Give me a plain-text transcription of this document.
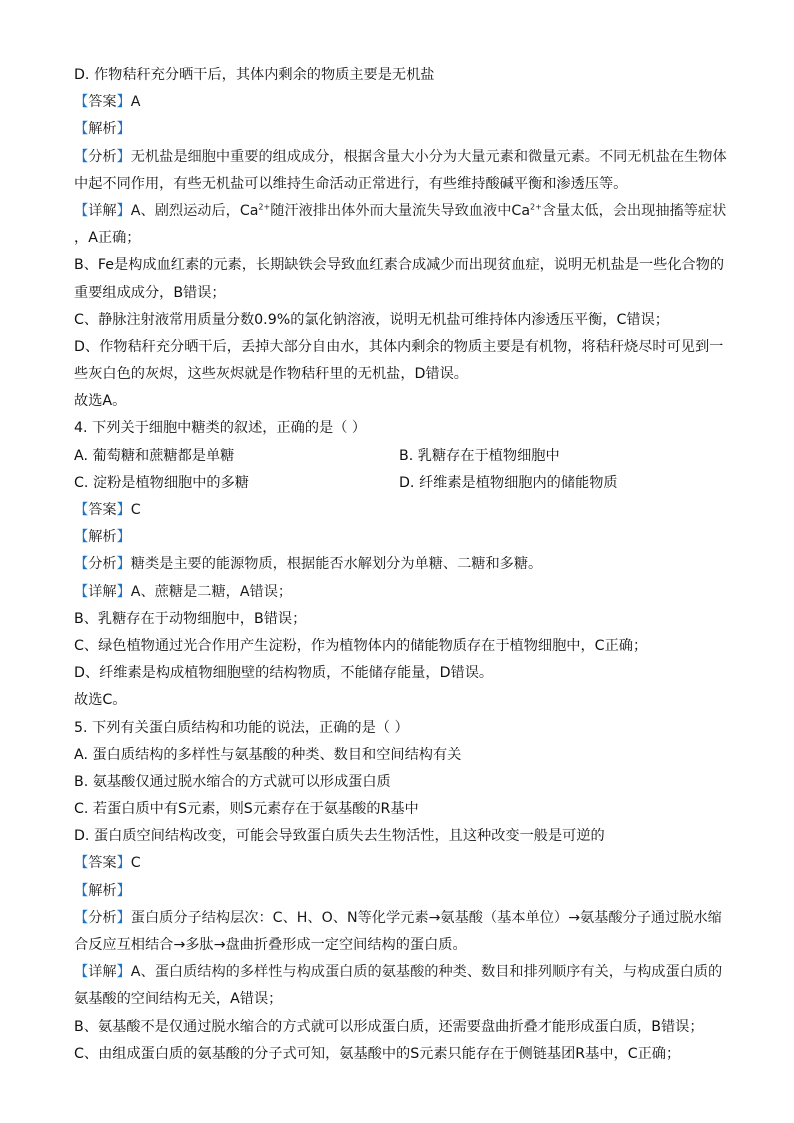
D. 作物秸秆充分晒干后，其体内剩余的物质主要是无机盐
【答案】A
【解析】
【分析】无机盐是细胞中重要的组成成分，根据含量大小分为大量元素和微量元素。不同无机盐在生物体
中起不同作用，有些无机盐可以维持生命活动正常进行，有些维持酸碱平衡和渗透压等。
【详解】A、剧烈运动后，$Ca^{2+}$随汗液排出体外而大量流失导致血液中$Ca^{2+}$含量太低，会出现抽搐等症状
，A正确；
B、Fe是构成血红素的元素，长期缺铁会导致血红素合成减少而出现贫血症，说明无机盐是一些化合物的
重要组成成分，B错误；
C、静脉注射液常用质量分数0.9%的氯化钠溶液，说明无机盐可维持体内渗透压平衡，C错误；
D、作物秸秆充分晒干后，丢掉大部分自由水，其体内剩余的物质主要是有机物，将秸秆烧尽时可见到一
些灰白色的灰烬，这些灰烬就是作物秸秆里的无机盐，D错误。
故选A。
4. 下列关于细胞中糖类的叙述，正确的是（ ）
A. 葡萄糖和蔗糖都是单糖	B. 乳糖存在于植物细胞中
C. 淀粉是植物细胞中的多糖	D. 纤维素是植物细胞内的储能物质
【答案】C
【解析】
【分析】糖类是主要的能源物质，根据能否水解划分为单糖、二糖和多糖。
【详解】A、蔗糖是二糖，A错误；
B、乳糖存在于动物细胞中，B错误；
C、绿色植物通过光合作用产生淀粉，作为植物体内的储能物质存在于植物细胞中，C正确；
D、纤维素是构成植物细胞壁的结构物质，不能储存能量，D错误。
故选C。
5. 下列有关蛋白质结构和功能的说法，正确的是（ ）
A. 蛋白质结构的多样性与氨基酸的种类、数目和空间结构有关
B. 氨基酸仅通过脱水缩合的方式就可以形成蛋白质
C. 若蛋白质中有S元素，则S元素存在于氨基酸的R基中
D. 蛋白质空间结构改变，可能会导致蛋白质失去生物活性，且这种改变一般是可逆的
【答案】C
【解析】
【分析】蛋白质分子结构层次：C、H、O、N等化学元素→氨基酸（基本单位）→氨基酸分子通过脱水缩
合反应互相结合→多肽→盘曲折叠形成一定空间结构的蛋白质。
【详解】A、蛋白质结构的多样性与构成蛋白质的氨基酸的种类、数目和排列顺序有关，与构成蛋白质的
氨基酸的空间结构无关，A错误；
B、氨基酸不是仅通过脱水缩合的方式就可以形成蛋白质，还需要盘曲折叠才能形成蛋白质，B错误；
C、由组成蛋白质的氨基酸的分子式可知，氨基酸中的S元素只能存在于侧链基团R基中，C正确；
